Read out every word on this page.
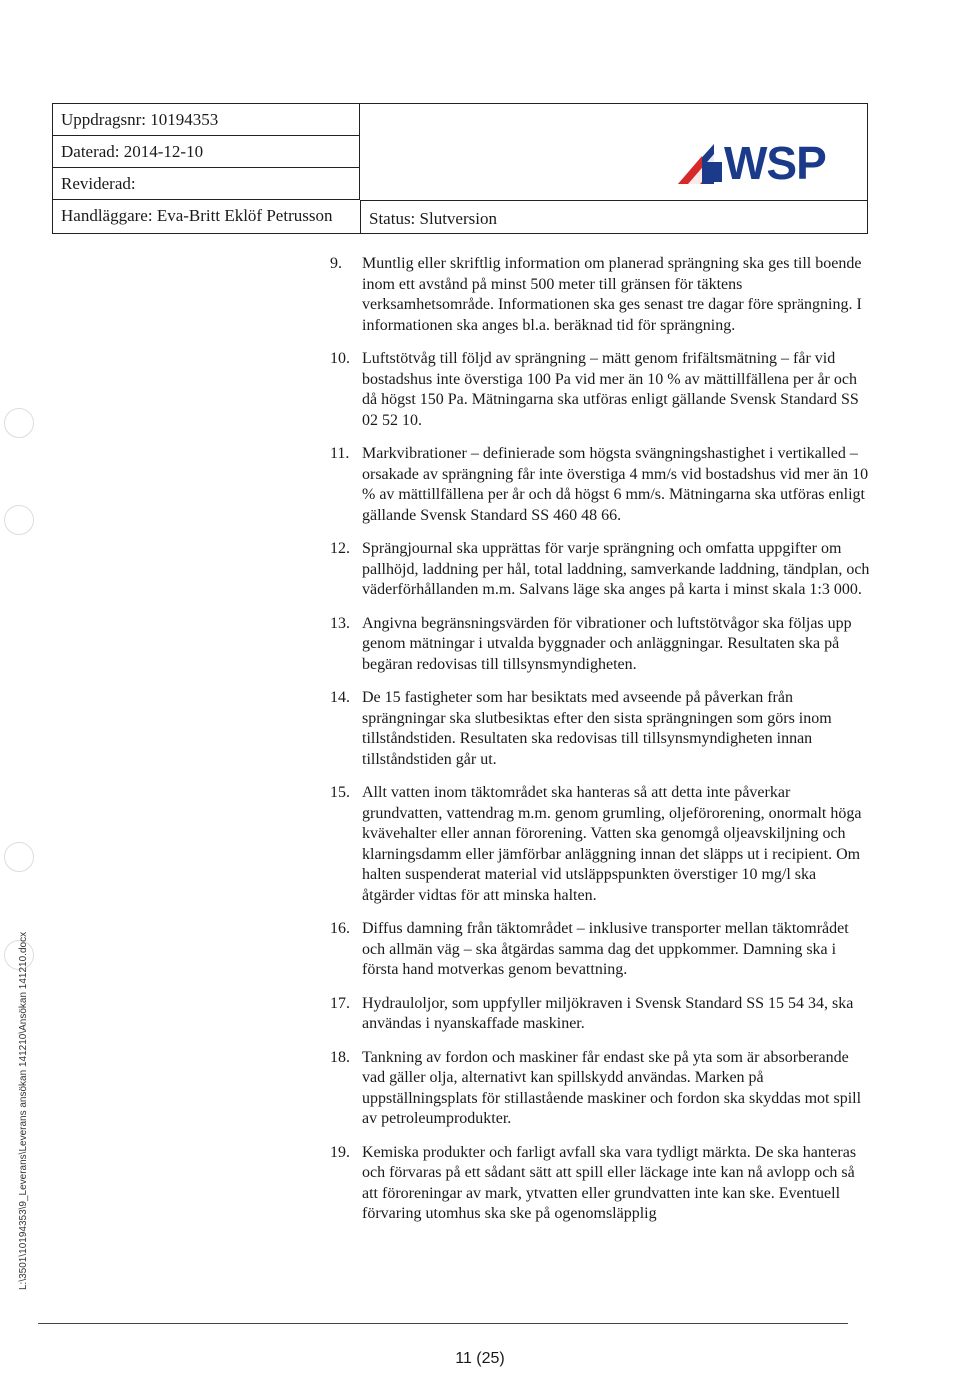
Uppdragsnr: 10194353
Daterad: 2014-12-10
Reviderad:
Handläggare: Eva-Britt Eklöf Petrusson	Status: Slutversion
WSP
9.	Muntlig eller skriftlig information om planerad sprängning ska ges till boende inom ett avstånd på minst 500 meter till gränsen för täktens verksamhetsområde. Informationen ska ges senast tre dagar före sprängning. I informationen ska anges bl.a. beräknad tid för sprängning.
10. Luftstötvåg till följd av sprängning – mätt genom frifältsmätning – får vid bostadshus inte överstiga 100 Pa vid mer än 10 % av mättillfällena per år och då högst 150 Pa. Mätningarna ska utföras enligt gällande Svensk Standard SS 02 52 10.
11. Markvibrationer – definierade som högsta svängningshastighet i vertikalled – orsakade av sprängning får inte överstiga 4 mm/s vid bostadshus vid mer än 10 % av mättillfällena per år och då högst 6 mm/s. Mätningarna ska utföras enligt gällande Svensk Standard SS 460 48 66.
12. Sprängjournal ska upprättas för varje sprängning och omfatta uppgifter om pallhöjd, laddning per hål, total laddning, samverkande laddning, tändplan, och väderförhållanden m.m. Salvans läge ska anges på karta i minst skala 1:3 000.
13. Angivna begränsningsvärden för vibrationer och luftstötvågor ska följas upp genom mätningar i utvalda byggnader och anläggningar. Resultaten ska på begäran redovisas till tillsynsmyndigheten.
14. De 15 fastigheter som har besiktats med avseende på påverkan från sprängningar ska slutbesiktas efter den sista sprängningen som görs inom tillståndstiden. Resultaten ska redovisas till tillsynsmyndigheten innan tillståndstiden går ut.
15. Allt vatten inom täktområdet ska hanteras så att detta inte påverkar grundvatten, vattendrag m.m. genom grumling, oljeförorening, onormalt höga kvävehalter eller annan förorening. Vatten ska genomgå oljeavskiljning och klarningsdamm eller jämförbar anläggning innan det släpps ut i recipient. Om halten suspenderat material vid utsläppspunkten överstiger 10 mg/l ska åtgärder vidtas för att minska halten.
16. Diffus damning från täktområdet – inklusive transporter mellan täktområdet och allmän väg – ska åtgärdas samma dag det uppkommer. Damning ska i första hand motverkas genom bevattning.
17. Hydrauloljor, som uppfyller miljökraven i Svensk Standard SS 15 54 34, ska användas i nyanskaffade maskiner.
18. Tankning av fordon och maskiner får endast ske på yta som är absorberande vad gäller olja, alternativt kan spillskydd användas. Marken på uppställningsplats för stillastående maskiner och fordon ska skyddas mot spill av petroleumprodukter.
19. Kemiska produkter och farligt avfall ska vara tydligt märkta. De ska hanteras och förvaras på ett sådant sätt att spill eller läckage inte kan nå avlopp och så att föroreningar av mark, ytvatten eller grundvatten inte kan ske. Eventuell förvaring utomhus ska ske på ogenomsläpplig
L:\3501\10194353\9_Leverans\Leverans ansökan 141210\Ansökan 141210.docx
11 (25)
